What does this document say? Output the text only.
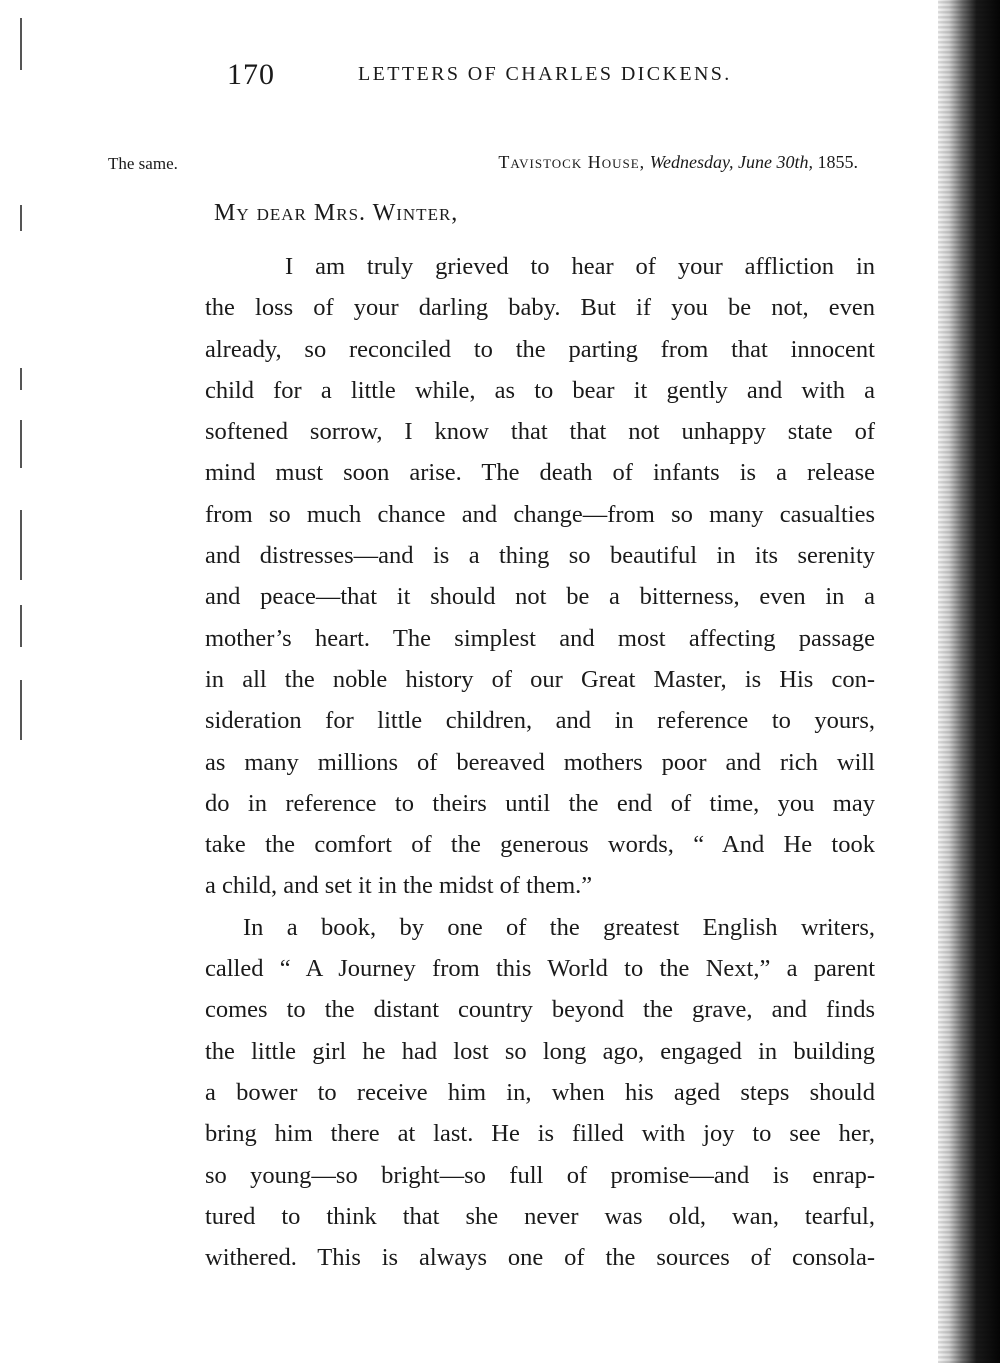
170	LETTERS OF CHARLES DICKENS.
The same.	Tavistock House, Wednesday, June 30th, 1855.
My dear Mrs. Winter,
I am truly grieved to hear of your affliction in
the loss of your darling baby. But if you be not, even
already, so reconciled to the parting from that innocent
child for a little while, as to bear it gently and with a
softened sorrow, I know that that not unhappy state of
mind must soon arise. The death of infants is a release
from so much chance and change—from so many casualties
and distresses—and is a thing so beautiful in its serenity
and peace—that it should not be a bitterness, even in a
mother’s heart. The simplest and most affecting passage
in all the noble history of our Great Master, is His con-
sideration for little children, and in reference to yours,
as many millions of bereaved mothers poor and rich will
do in reference to theirs until the end of time, you may
take the comfort of the generous words, “ And He took
a child, and set it in the midst of them.”
In a book, by one of the greatest English writers,
called “ A Journey from this World to the Next,” a parent
comes to the distant country beyond the grave, and finds
the little girl he had lost so long ago, engaged in building
a bower to receive him in, when his aged steps should
bring him there at last. He is filled with joy to see her,
so young—so bright—so full of promise—and is enrap-
tured to think that she never was old, wan, tearful,
withered. This is always one of the sources of consola-
